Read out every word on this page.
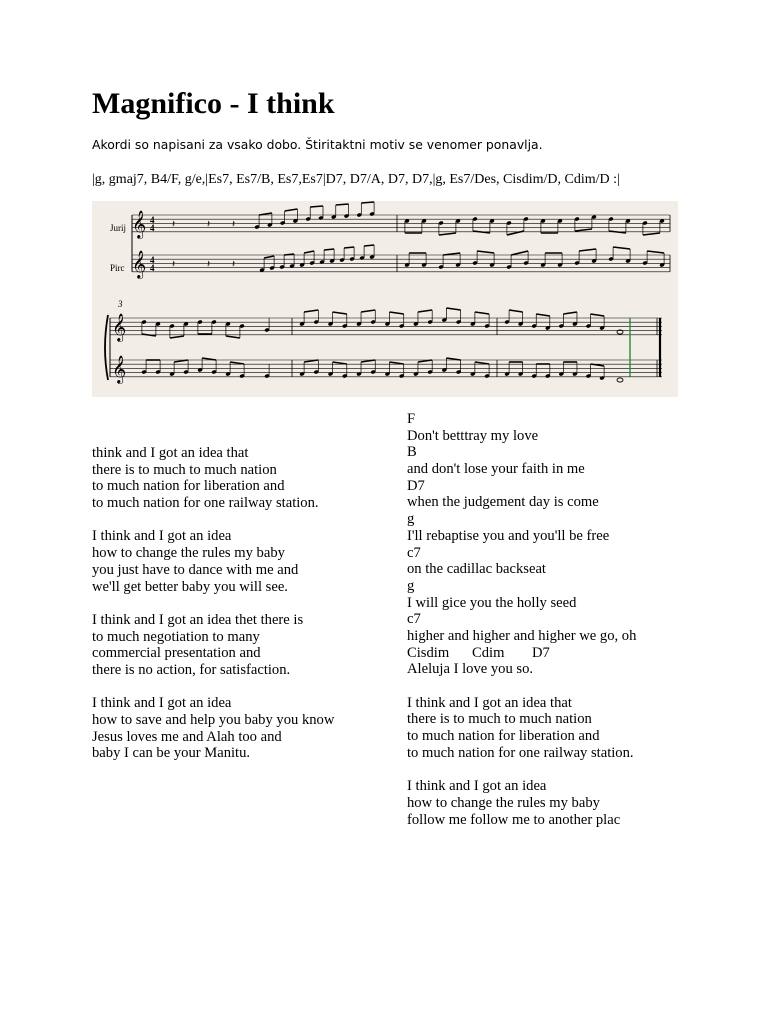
Magnifico - I think
Akordi so napisani za vsako dobo. Štiritaktni motiv se venomer ponavlja.
|g, gmaj7, B4/F, g/e,|Es7, Es7/B, Es7,Es7|D7, D7/A, D7, D7,|g, Es7/Des, Cisdim/D, Cdim/D :|
𝄞
𝄞
4
4
4
4
𝄽
𝄽
𝄽
𝄽
𝄽
𝄽
𝄞
𝄞
Jurij
Pirc
3
think and I got an idea that
there is to much to much nation
to much nation for liberation and
to much nation for one railway station.
I think and I got an idea
how to change the rules my baby
you just have to dance with me and
we'll get better baby you will see.
I think and I got an idea thet there is
to much negotiation to many
commercial presentation and
there is no action, for satisfaction.
I think and I got an idea
how to save and help you baby you know
Jesus loves me and Alah too and
baby I can be your Manitu.
F
Don't betttray my love
B
and don't lose your faith in me
D7
when the judgement day is come
g
I'll rebaptise you and you'll be free
c7
on the cadillac backseat
g
I will gice you the holly seed
c7
higher and higher and higher we go, oh
Cisdim	Cdim	D7
Aleluja I love you so.
I think and I got an idea that
there is to much to much nation
to much nation for liberation and
to much nation for one railway station.
I think and I got an idea
how to change the rules my baby
follow me follow me to another plac
